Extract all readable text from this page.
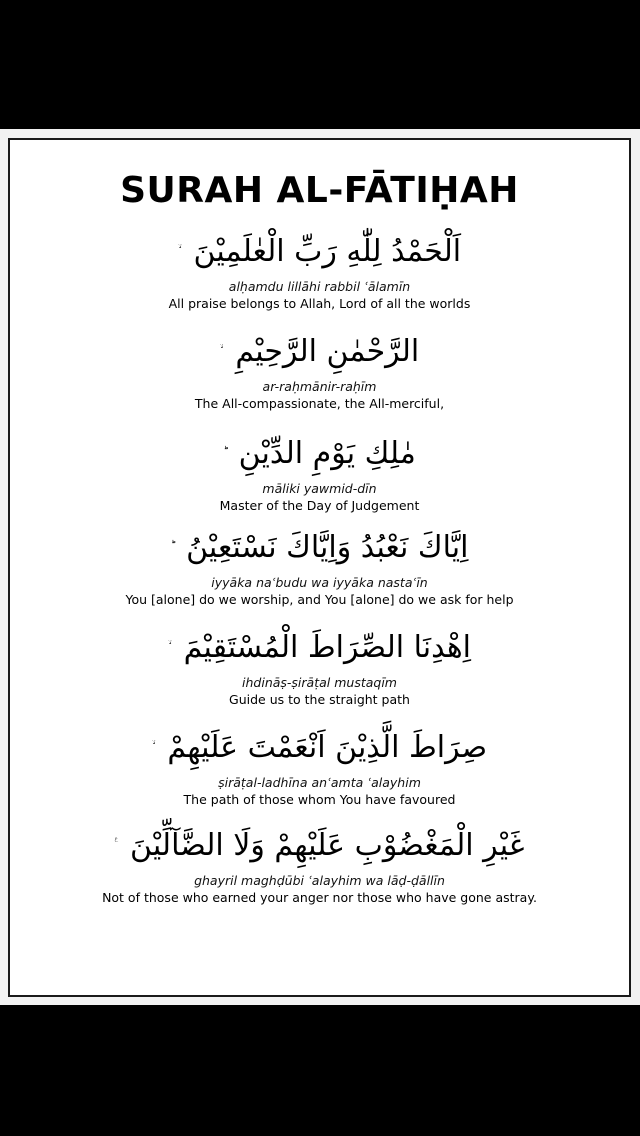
SURAH AL-FĀTIḤAH
اَلْحَمْدُ لِلّٰهِ رَبِّ الْعٰلَمِيْنَ
alḥamdu lillāhi rabbil ʿālamīn
All praise belongs to Allah, Lord of all the worlds
الرَّحْمٰنِ الرَّحِيْمِ
ar-raḥmānir-raḥīm
The All-compassionate, the All-merciful,
مٰلِكِ يَوْمِ الدِّيْنِ
māliki yawmid-dīn
Master of the Day of Judgement
اِيَّاكَ نَعْبُدُ وَاِيَّاكَ نَسْتَعِيْنُ
iyyāka naʿbudu wa iyyāka nastaʿīn
You [alone] do we worship, and You [alone] do we ask for help
اِهْدِنَا الصِّرَاطَ الْمُسْتَقِيْمَ
ihdināṣ-ṣirāṭal mustaqīm
Guide us to the straight path
صِرَاطَ الَّذِيْنَ اَنْعَمْتَ عَلَيْهِمْ
ṣirāṭal-ladhīna anʿamta ʿalayhim
The path of those whom You have favoured
غَيْرِ الْمَغْضُوْبِ عَلَيْهِمْ وَلَا الضَّآلِّيْنَ
ghayril maghḍūbi ʿalayhim wa lāḍ-ḍāllīn
Not of those who earned your anger nor those who have gone astray.
